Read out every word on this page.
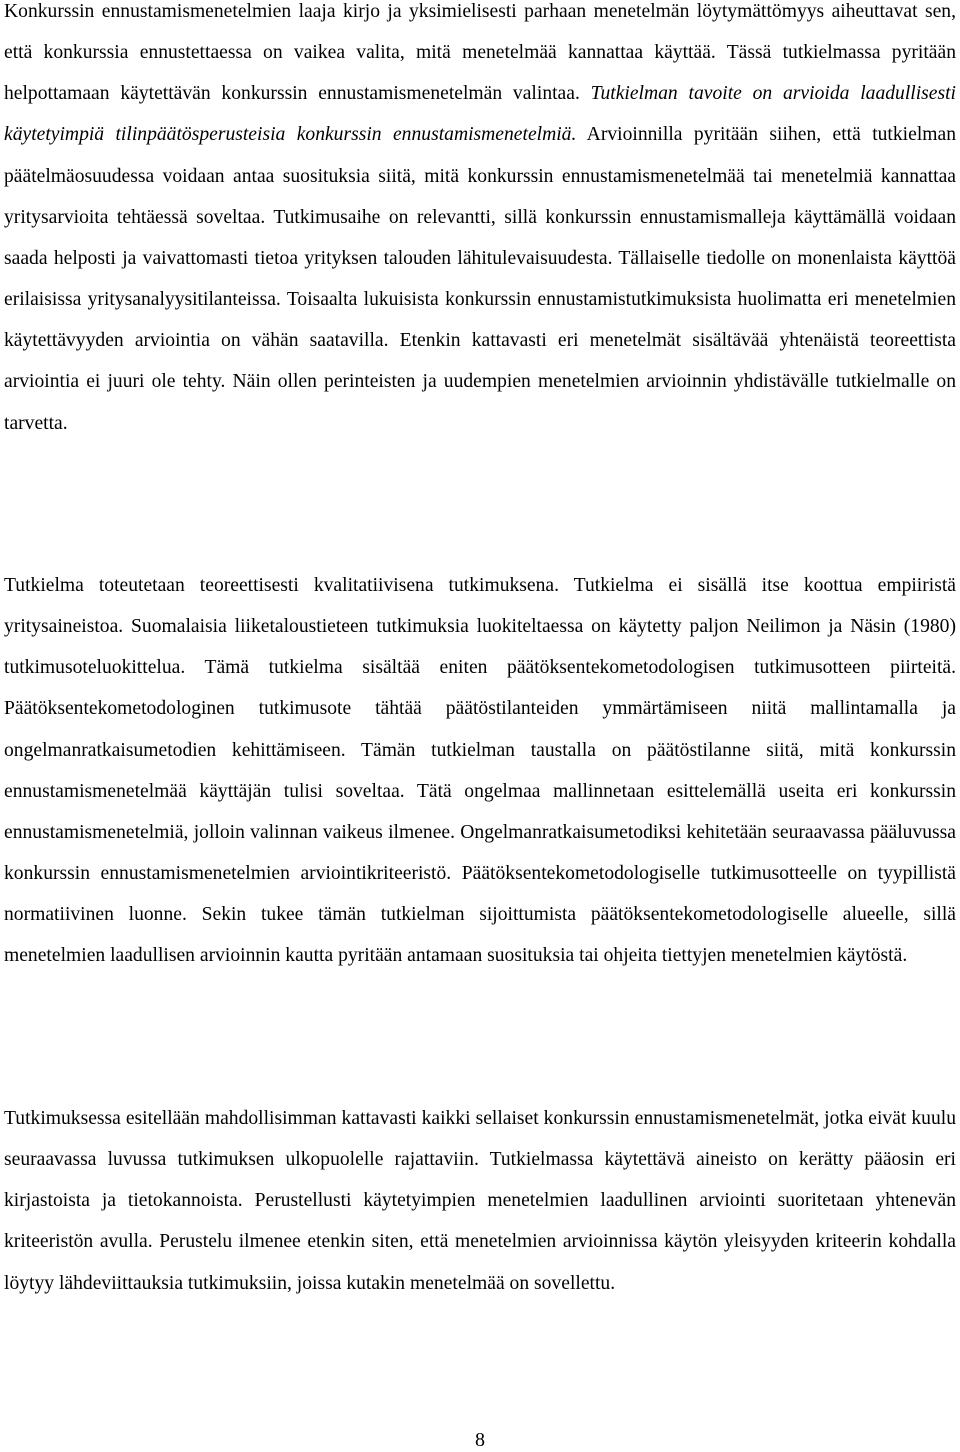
Konkurssin ennustamismenetelmien laaja kirjo ja yksimielisesti parhaan menetelmän löytymättömyys aiheuttavat sen, että konkurssia ennustettaessa on vaikea valita, mitä menetelmää kannattaa käyttää. Tässä tutkielmassa pyritään helpottamaan käytettävän konkurssin ennustamismenetelmän valintaa. Tutkielman tavoite on arvioida laadullisesti käytetyimpiä tilinpäätösperusteisia konkurssin ennustamismenetelmiä. Arvioinnilla pyritään siihen, että tutkielman päätelmäosuudessa voidaan antaa suosituksia siitä, mitä konkurssin ennustamismenetelmää tai menetelmiä kannattaa yritysarvioita tehtäessä soveltaa. Tutkimusaihe on relevantti, sillä konkurssin ennustamismalleja käyttämällä voidaan saada helposti ja vaivattomasti tietoa yrityksen talouden lähitulevaisuudesta. Tällaiselle tiedolle on monenlaista käyttöä erilaisissa yritysanalyysitilanteissa. Toisaalta lukuisista konkurssin ennustamistutkimuksista huolimatta eri menetelmien käytettävyyden arviointia on vähän saatavilla. Etenkin kattavasti eri menetelmät sisältävää yhtenäistä teoreettista arviointia ei juuri ole tehty. Näin ollen perinteisten ja uudempien menetelmien arvioinnin yhdistävälle tutkielmalle on tarvetta.

Tutkielma toteutetaan teoreettisesti kvalitatiivisena tutkimuksena. Tutkielma ei sisällä itse koottua empiiristä yritysaineistoa. Suomalaisia liiketaloustieteen tutkimuksia luokiteltaessa on käytetty paljon Neilimon ja Näsin (1980) tutkimusoteluokittelua. Tämä tutkielma sisältää eniten päätöksentekometodologisen tutkimusotteen piirteitä. Päätöksentekometodologinen tutkimusote tähtää päätöstilanteiden ymmärtämiseen niitä mallintamalla ja ongelmanratkaisumetodien kehittämiseen. Tämän tutkielman taustalla on päätöstilanne siitä, mitä konkurssin ennustamismenetelmää käyttäjän tulisi soveltaa. Tätä ongelmaa mallinnetaan esittelemällä useita eri konkurssin ennustamismenetelmiä, jolloin valinnan vaikeus ilmenee. Ongelmanratkaisumetodiksi kehitetään seuraavassa pääluvussa konkurssin ennustamismenetelmien arviointikriteeristö. Päätöksentekometodologiselle tutkimusotteelle on tyypillistä normatiivinen luonne. Sekin tukee tämän tutkielman sijoittumista päätöksentekometodologiselle alueelle, sillä menetelmien laadullisen arvioinnin kautta pyritään antamaan suosituksia tai ohjeita tiettyjen menetelmien käytöstä.

Tutkimuksessa esitellään mahdollisimman kattavasti kaikki sellaiset konkurssin ennustamismenetelmät, jotka eivät kuulu seuraavassa luvussa tutkimuksen ulkopuolelle rajattaviin. Tutkielmassa käytettävä aineisto on kerätty pääosin eri kirjastoista ja tietokannoista. Perustellusti käytetyimpien menetelmien laadullinen arviointi suoritetaan yhtenevän kriteeristön avulla. Perustelu ilmenee etenkin siten, että menetelmien arvioinnissa käytön yleisyyden kriteerin kohdalla löytyy lähdeviittauksia tutkimuksiin, joissa kutakin menetelmää on sovellettu.

8
